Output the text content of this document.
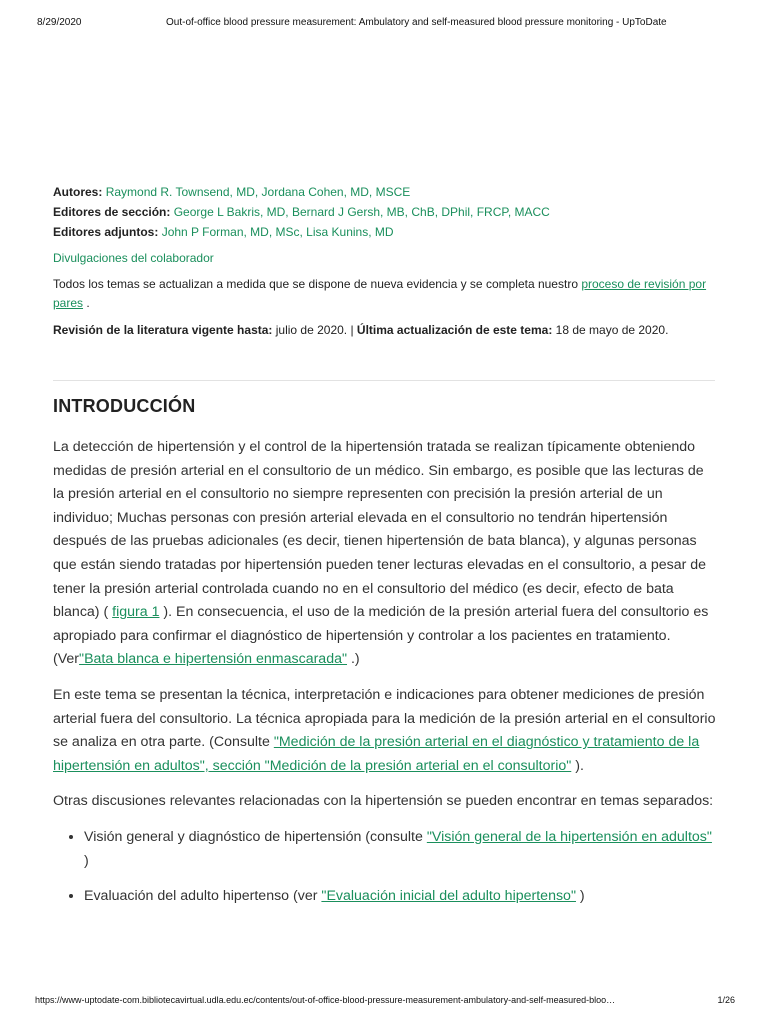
8/29/2020	Out-of-office blood pressure measurement: Ambulatory and self-measured blood pressure monitoring - UpToDate
Autores: Raymond R. Townsend, MD, Jordana Cohen, MD, MSCE
Editores de sección: George L Bakris, MD, Bernard J Gersh, MB, ChB, DPhil, FRCP, MACC
Editores adjuntos: John P Forman, MD, MSc, Lisa Kunins, MD
Divulgaciones del colaborador
Todos los temas se actualizan a medida que se dispone de nueva evidencia y se completa nuestro proceso de revisión por pares .
Revisión de la literatura vigente hasta: julio de 2020. | Última actualización de este tema: 18 de mayo de 2020.
INTRODUCCIÓN

La detección de hipertensión y el control de la hipertensión tratada se realizan típicamente obteniendo medidas de presión arterial en el consultorio de un médico. Sin embargo, es posible que las lecturas de la presión arterial en el consultorio no siempre representen con precisión la presión arterial de un individuo; Muchas personas con presión arterial elevada en el consultorio no tendrán hipertensión después de las pruebas adicionales (es decir, tienen hipertensión de bata blanca), y algunas personas que están siendo tratadas por hipertensión pueden tener lecturas elevadas en el consultorio, a pesar de tener la presión arterial controlada cuando no en el consultorio del médico (es decir, efecto de bata blanca) ( figura 1 ). En consecuencia, el uso de la medición de la presión arterial fuera del consultorio es apropiado para confirmar el diagnóstico de hipertensión y controlar a los pacientes en tratamiento. (Ver"Bata blanca e hipertensión enmascarada" .)

En este tema se presentan la técnica, interpretación e indicaciones para obtener mediciones de presión arterial fuera del consultorio. La técnica apropiada para la medición de la presión arterial en el consultorio se analiza en otra parte. (Consulte "Medición de la presión arterial en el diagnóstico y tratamiento de la hipertensión en adultos", sección "Medición de la presión arterial en el consultorio" ).

Otras discusiones relevantes relacionadas con la hipertensión se pueden encontrar en temas separados:

• Visión general y diagnóstico de hipertensión (consulte "Visión general de la hipertensión en adultos" )
• Evaluación del adulto hipertenso (ver "Evaluación inicial del adulto hipertenso" )
https://www-uptodate-com.bibliotecavirtual.udla.edu.ec/contents/out-of-office-blood-pressure-measurement-ambulatory-and-self-measured-bloo…	1/26
